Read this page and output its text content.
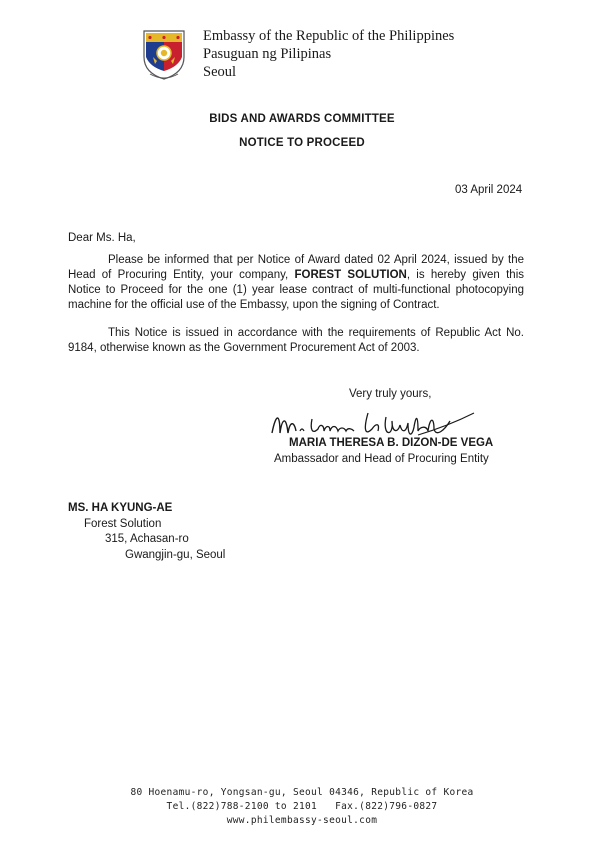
Embassy of the Republic of the Philippines
Pasuguan ng Pilipinas
Seoul
BIDS AND AWARDS COMMITTEE
NOTICE TO PROCEED
03 April 2024
Dear Ms. Ha,
Please be informed that per Notice of Award dated 02 April 2024, issued by the Head of Procuring Entity, your company, FOREST SOLUTION, is hereby given this Notice to Proceed for the one (1) year lease contract of multi-functional photocopying machine for the official use of the Embassy, upon the signing of Contract.
This Notice is issued in accordance with the requirements of Republic Act No. 9184, otherwise known as the Government Procurement Act of 2003.
Very truly yours,
MARIA THERESA B. DIZON-DE VEGA
Ambassador and Head of Procuring Entity
MS. HA KYUNG-AE
Forest Solution
315, Achasan-ro
Gwangjin-gu, Seoul
80 Hoenamu-ro, Yongsan-gu, Seoul 04346, Republic of Korea
Tel.(822)788-2100 to 2101   Fax.(822)796-0827
www.philembassy-seoul.com
